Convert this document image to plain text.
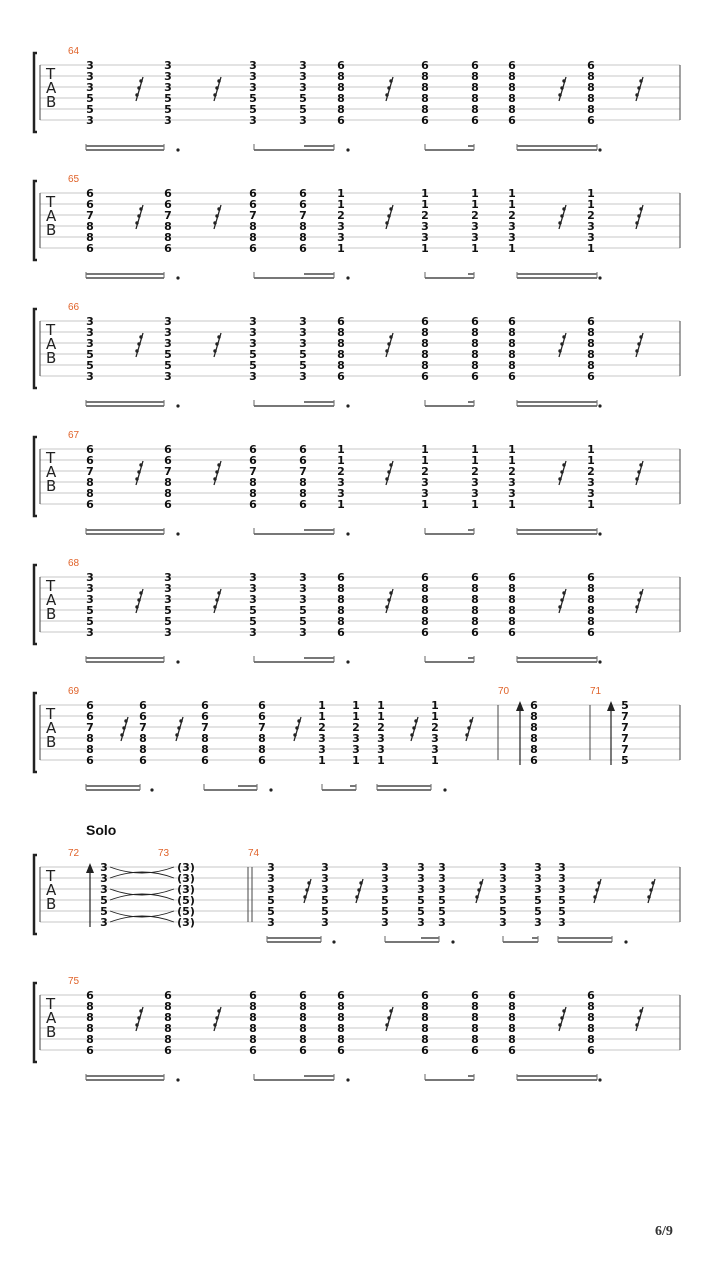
T
A
B
64
3
3
3
5
5
3
3
3
3
5
5
3
3
3
3
5
5
3
3
3
3
5
5
3
6
8
8
8
8
6
6
8
8
8
8
6
6
8
8
8
8
6
6
8
8
8
8
6
6
8
8
8
8
6
T
A
B
65
6
6
7
8
8
6
6
6
7
8
8
6
6
6
7
8
8
6
6
6
7
8
8
6
1
1
2
3
3
1
1
1
2
3
3
1
1
1
2
3
3
1
1
1
2
3
3
1
1
1
2
3
3
1
T
A
B
66
3
3
3
5
5
3
3
3
3
5
5
3
3
3
3
5
5
3
3
3
3
5
5
3
6
8
8
8
8
6
6
8
8
8
8
6
6
8
8
8
8
6
6
8
8
8
8
6
6
8
8
8
8
6
T
A
B
67
6
6
7
8
8
6
6
6
7
8
8
6
6
6
7
8
8
6
6
6
7
8
8
6
1
1
2
3
3
1
1
1
2
3
3
1
1
1
2
3
3
1
1
1
2
3
3
1
1
1
2
3
3
1
T
A
B
68
3
3
3
5
5
3
3
3
3
5
5
3
3
3
3
5
5
3
3
3
3
5
5
3
6
8
8
8
8
6
6
8
8
8
8
6
6
8
8
8
8
6
6
8
8
8
8
6
6
8
8
8
8
6
T
A
B
69
6
6
7
8
8
6
6
6
7
8
8
6
6
6
7
8
8
6
6
6
7
8
8
6
1
1
2
3
3
1
1
1
2
3
3
1
1
1
2
3
3
1
1
1
2
3
3
1
70	71
6
8
8
8
8
6
5
7
7
7
7
5
T
A
B
72
3
3
3
5
5
3
73
(3)
(3)
(3)
(5)
(5)
(3)
74
3
3
3
5
5
3
3
3
3
5
5
3
3
3
3
5
5
3
3
3
3
5
5
3
3
3
3
5
5
3
3
3
3
5
5
3
3
3
3
5
5
3
3
3
3
5
5
3
T
A
B
75
6
8
8
8
8
6
6
8
8
8
8
6
6
8
8
8
8
6
6
8
8
8
8
6
6
8
8
8
8
6
6
8
8
8
8
6
6
8
8
8
8
6
6
8
8
8
8
6
6
8
8
8
8
6
Solo
6/9
